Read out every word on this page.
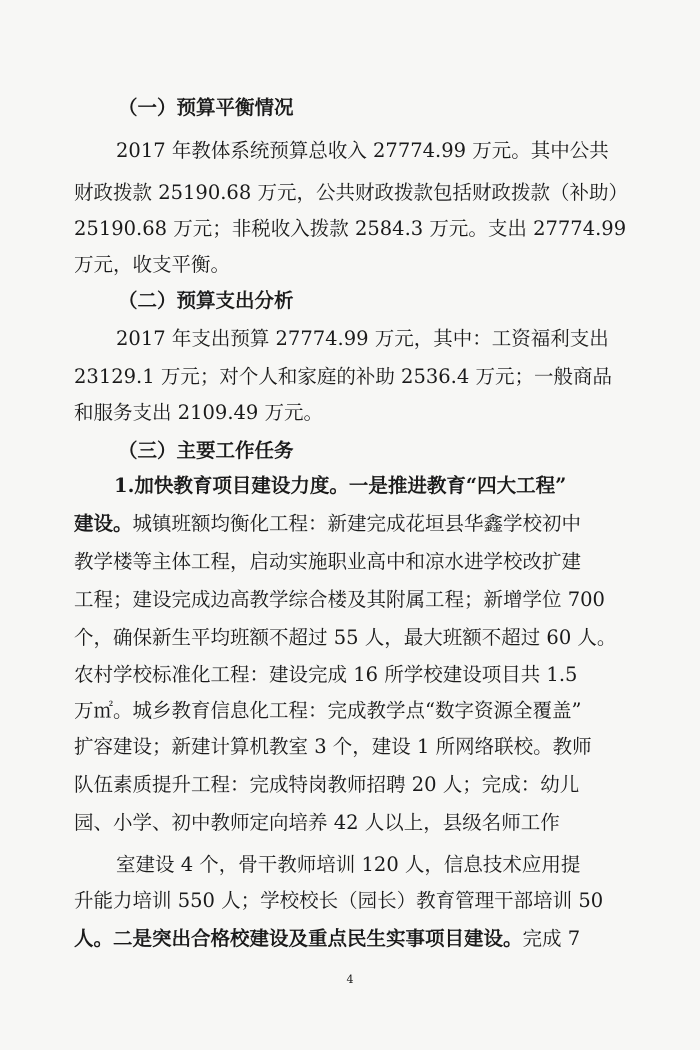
（一）预算平衡情况
2017 年教体系统预算总收入 27774.99 万元。其中公共
财政拨款 25190.68 万元，公共财政拨款包括财政拨款（补助）
25190.68 万元；非税收入拨款 2584.3 万元。支出 27774.99
万元，收支平衡。
（二）预算支出分析
2017 年支出预算 27774.99 万元，其中：工资福利支出
23129.1 万元；对个人和家庭的补助 2536.4 万元；一般商品
和服务支出 2109.49 万元。
（三）主要工作任务
1.加快教育项目建设力度。一是推进教育“四大工程”
建设。城镇班额均衡化工程：新建完成花垣县华鑫学校初中
教学楼等主体工程，启动实施职业高中和凉水进学校改扩建
工程；建设完成边高教学综合楼及其附属工程；新增学位 700
个，确保新生平均班额不超过 55 人，最大班额不超过 60 人。
农村学校标准化工程：建设完成 16 所学校建设项目共 1.5
万㎡。城乡教育信息化工程：完成教学点“数字资源全覆盖”
扩容建设；新建计算机教室 3 个，建设 1 所网络联校。教师
队伍素质提升工程：完成特岗教师招聘 20 人；完成：幼儿
园、小学、初中教师定向培养 42 人以上，县级名师工作
室建设 4 个，骨干教师培训 120 人，信息技术应用提
升能力培训 550 人；学校校长（园长）教育管理干部培训 50
人。二是突出合格校建设及重点民生实事项目建设。完成 7
4
